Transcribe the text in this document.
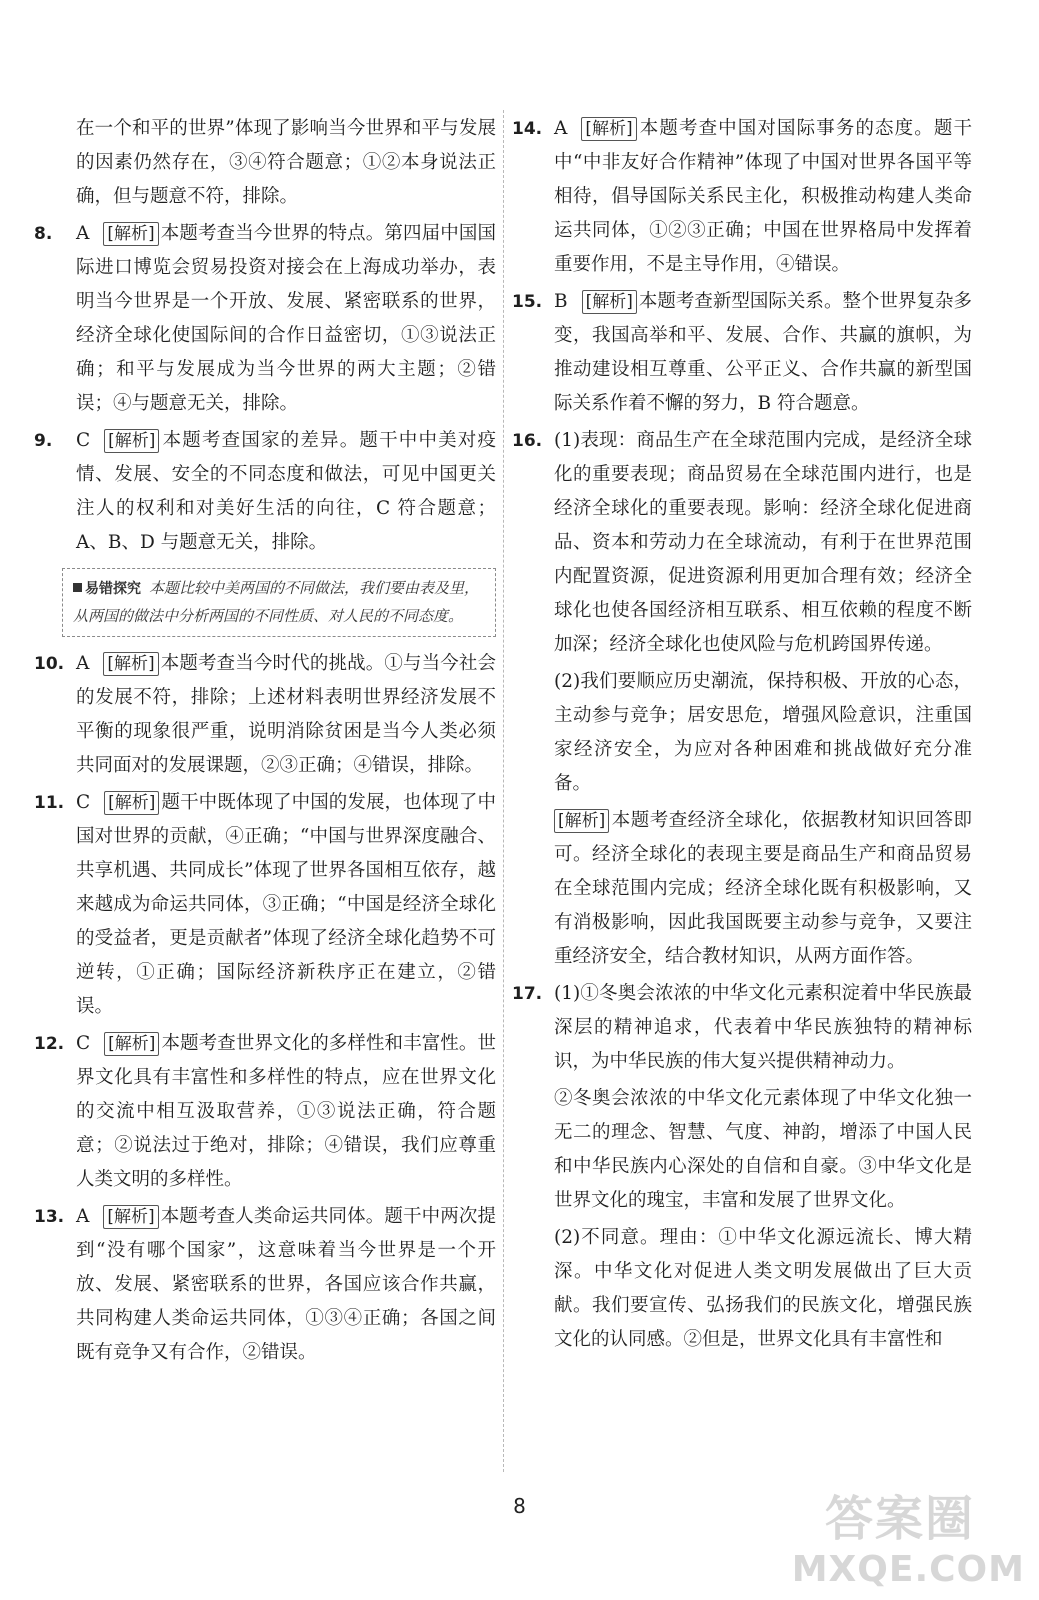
在一个和平的世界”体现了影响当今世界和平与发展的因素仍然存在，③④符合题意；①②本身说法正确，但与题意不符，排除。

8. A [解析] 本题考查当今世界的特点。第四届中国国际进口博览会贸易投资对接会在上海成功举办，表明当今世界是一个开放、发展、紧密联系的世界，经济全球化使国际间的合作日益密切，①③说法正确；和平与发展成为当今世界的两大主题；②错误；④与题意无关，排除。

9. C [解析] 本题考查国家的差异。题干中中美对疫情、发展、安全的不同态度和做法，可见中国更关注人的权利和对美好生活的向往，C 符合题意；A、B、D 与题意无关，排除。

易错探究 本题比较中美两国的不同做法，我们要由表及里，从两国的做法中分析两国的不同性质、对人民的不同态度。

10. A [解析] 本题考查当今时代的挑战。①与当今社会的发展不符，排除；上述材料表明世界经济发展不平衡的现象很严重，说明消除贫困是当今人类必须共同面对的发展课题，②③正确；④错误，排除。

11. C [解析] 题干中既体现了中国的发展，也体现了中国对世界的贡献，④正确；“中国与世界深度融合、共享机遇、共同成长”体现了世界各国相互依存，越来越成为命运共同体，③正确；“中国是经济全球化的受益者，更是贡献者”体现了经济全球化趋势不可逆转，①正确；国际经济新秩序正在建立，②错误。

12. C [解析] 本题考查世界文化的多样性和丰富性。世界文化具有丰富性和多样性的特点，应在世界文化的交流中相互汲取营养，①③说法正确，符合题意；②说法过于绝对，排除；④错误，我们应尊重人类文明的多样性。

13. A [解析] 本题考查人类命运共同体。题干中两次提到“没有哪个国家”，这意味着当今世界是一个开放、发展、紧密联系的世界，各国应该合作共赢，共同构建人类命运共同体，①③④正确；各国之间既有竞争又有合作，②错误。

14. A [解析] 本题考查中国对国际事务的态度。题干中“中非友好合作精神”体现了中国对世界各国平等相待，倡导国际关系民主化，积极推动构建人类命运共同体，①②③正确；中国在世界格局中发挥着重要作用，不是主导作用，④错误。

15. B [解析] 本题考查新型国际关系。整个世界复杂多变，我国高举和平、发展、合作、共赢的旗帜，为推动建设相互尊重、公平正义、合作共赢的新型国际关系作着不懈的努力，B 符合题意。

16. (1)表现：商品生产在全球范围内完成，是经济全球化的重要表现；商品贸易在全球范围内进行，也是经济全球化的重要表现。影响：经济全球化促进商品、资本和劳动力在全球流动，有利于在世界范围内配置资源，促进资源利用更加合理有效；经济全球化也使各国经济相互联系、相互依赖的程度不断加深；经济全球化也使风险与危机跨国界传递。

(2)我们要顺应历史潮流，保持积极、开放的心态，主动参与竞争；居安思危，增强风险意识，注重国家经济安全，为应对各种困难和挑战做好充分准备。

[解析] 本题考查经济全球化，依据教材知识回答即可。经济全球化的表现主要是商品生产和商品贸易在全球范围内完成；经济全球化既有积极影响，又有消极影响，因此我国既要主动参与竞争，又要注重经济安全，结合教材知识，从两方面作答。

17. (1)①冬奥会浓浓的中华文化元素积淀着中华民族最深层的精神追求，代表着中华民族独特的精神标识，为中华民族的伟大复兴提供精神动力。

②冬奥会浓浓的中华文化元素体现了中华文化独一无二的理念、智慧、气度、神韵，增添了中国人民和中华民族内心深处的自信和自豪。③中华文化是世界文化的瑰宝，丰富和发展了世界文化。

(2)不同意。理由：①中华文化源远流长、博大精深。中华文化对促进人类文明发展做出了巨大贡献。我们要宣传、弘扬我们的民族文化，增强民族文化的认同感。②但是，世界文化具有丰富性和

8	答案圈
MXQE.COM
